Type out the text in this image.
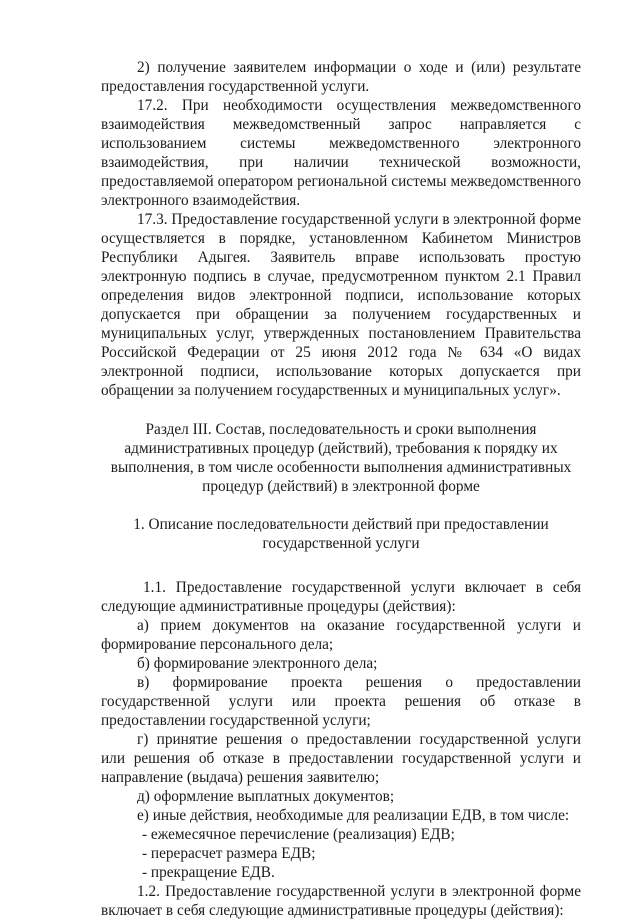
2) получение заявителем информации о ходе и (или) результате предоставления государственной услуги.

17.2. При необходимости осуществления межведомственного взаимодействия межведомственный запрос направляется с использованием системы межведомственного электронного взаимодействия, при наличии технической возможности, предоставляемой оператором региональной системы межведомственного электронного взаимодействия.

17.3. Предоставление государственной услуги в электронной форме осуществляется в порядке, установленном Кабинетом Министров Республики Адыгея. Заявитель вправе использовать простую электронную подпись в случае, предусмотренном пунктом 2.1 Правил определения видов электронной подписи, использование которых допускается при обращении за получением государственных и муниципальных услуг, утвержденных постановлением Правительства Российской Федерации от 25 июня 2012 года № 634 «О видах электронной подписи, использование которых допускается при обращении за получением государственных и муниципальных услуг».

Раздел III. Состав, последовательность и сроки выполнения
административных процедур (действий), требования к порядку их
выполнения, в том числе особенности выполнения административных
процедур (действий) в электронной форме
1. Описание последовательности действий при предоставлении
государственной услуги

1.1. Предоставление государственной услуги включает в себя следующие административные процедуры (действия):

а) прием документов на оказание государственной услуги и формирование персонального дела;

б) формирование электронного дела;

в) формирование проекта решения о предоставлении государственной услуги или проекта решения об отказе в предоставлении государственной услуги;

г) принятие решения о предоставлении государственной услуги или решения об отказе в предоставлении государственной услуги и направление (выдача) решения заявителю;

д) оформление выплатных документов;

е) иные действия, необходимые для реализации ЕДВ, в том числе:

- ежемесячное перечисление (реализация) ЕДВ;

- перерасчет размера ЕДВ;

- прекращение ЕДВ.

1.2. Предоставление государственной услуги в электронной форме включает в себя следующие административные процедуры (действия):
